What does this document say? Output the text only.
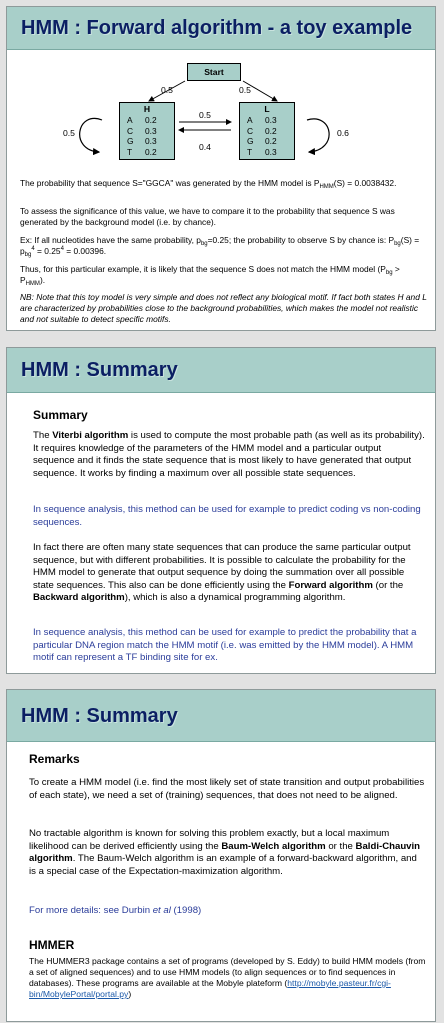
HMM : Forward algorithm - a toy example
Start
H
A 0.2
C 0.3
G 0.3
T 0.2
L
A 0.3
C 0.2
G 0.2
T 0.3
0.5	0.5
0.5
0.4
0.5	0.6
The probability that sequence S="GGCA" was generated by the HMM model is $P_{HMM}(S) = 0.0038432$.
To assess the significance of this value, we have to compare it to the probability that sequence S was generated by the background model (i.e. by chance).
Ex: If all nucleotides have the same probability, $p_{bg}=0.25$; the probability to observe S by chance is: $P_{bg}(S) = p_{bg}^4 = 0.25^4 = 0.00396$.
Thus, for this particular example, it is likely that the sequence S does not match the HMM model $(P_{bg} > P_{HMM})$.
NB: Note that this toy model is very simple and does not reflect any biological motif. If fact both states H and L are characterized by probabilities close to the background probabilities, which makes the model not realistic and not suitable to detect specific motifs.
HMM : Summary
Summary
The Viterbi algorithm is used to compute the most probable path (as well as its probability). It requires knowledge of the parameters of the HMM model and a particular output sequence and it finds the state sequence that is most likely to have generated that output sequence. It works by finding a maximum over all possible state sequences.
In sequence analysis, this method can be used for example to predict coding vs non-coding sequences.
In fact there are often many state sequences that can produce the same particular output sequence, but with different probabilities. It is possible to calculate the probability for the HMM model to generate that output sequence by doing the summation over all possible state sequences. This also can be done efficiently using the Forward algorithm (or the Backward algorithm), which is also a dynamical programming algorithm.
In sequence analysis, this method can be used for example to predict the probability that a particular DNA region match the HMM motif (i.e. was emitted by the HMM model). A HMM motif can represent a TF binding site for ex.
HMM : Summary
Remarks
To create a HMM model (i.e. find the most likely set of state transition and output probabilities of each state), we need a set of (training) sequences, that does not need to be aligned.
No tractable algorithm is known for solving this problem exactly, but a local maximum likelihood can be derived efficiently using the Baum-Welch algorithm or the Baldi-Chauvin algorithm. The Baum-Welch algorithm is an example of a forward-backward algorithm, and is a special case of the Expectation-maximization algorithm.
For more details: see Durbin et al (1998)
HMMER
The HUMMER3 package contains a set of programs (developed by S. Eddy) to build HMM models (from a set of aligned sequences) and to use HMM models (to align sequences or to find sequences in databases). These programs are available at the Mobyle plateform (http://mobyle.pasteur.fr/cgi-bin/MobylePortal/portal.py)
